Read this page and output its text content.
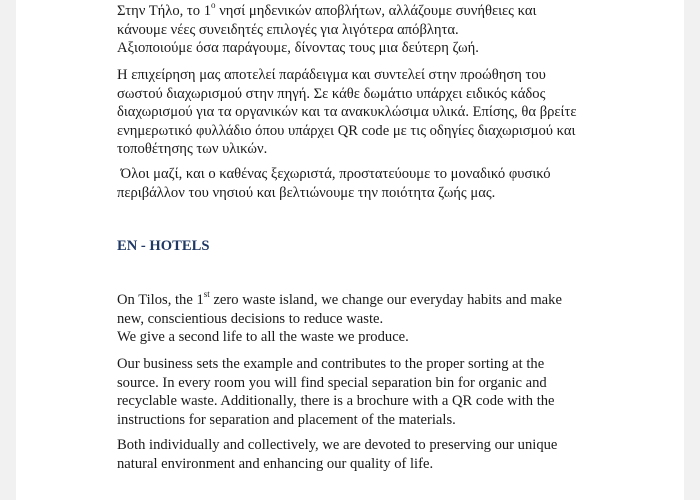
Στην Τήλο, το $1^o$ νησί μηδενικών αποβλήτων, αλλάζουμε συνήθειες και
κάνουμε νέες συνειδητές επιλογές για λιγότερα απόβλητα.
Αξιοποιούμε όσα παράγουμε, δίνοντας τους μια δεύτερη ζωή.

Η επιχείρηση μας αποτελεί παράδειγμα και συντελεί στην προώθηση του
σωστού διαχωρισμού στην πηγή. Σε κάθε δωμάτιο υπάρχει ειδικός κάδος
διαχωρισμού για τα οργανικών και τα ανακυκλώσιμα υλικά. Επίσης, θα βρείτε
ενημερωτικό φυλλάδιο όπου υπάρχει QR code με τις οδηγίες διαχωρισμού και
τοποθέτησης των υλικών.

Όλοι μαζί, και ο καθένας ξεχωριστά, προστατεύουμε το μοναδικό φυσικό
περιβάλλον του νησιού και βελτιώνουμε την ποιότητα ζωής μας.

EN - HOTELS

On Tilos, the 1st zero waste island, we change our everyday habits and make
new, conscientious decisions to reduce waste.
We give a second life to all the waste we produce.

Our business sets the example and contributes to the proper sorting at the
source. In every room you will find special separation bin for organic and
recyclable waste. Additionally, there is a brochure with a QR code with the
instructions for separation and placement of the materials.

Both individually and collectively, we are devoted to preserving our unique
natural environment and enhancing our quality of life.
